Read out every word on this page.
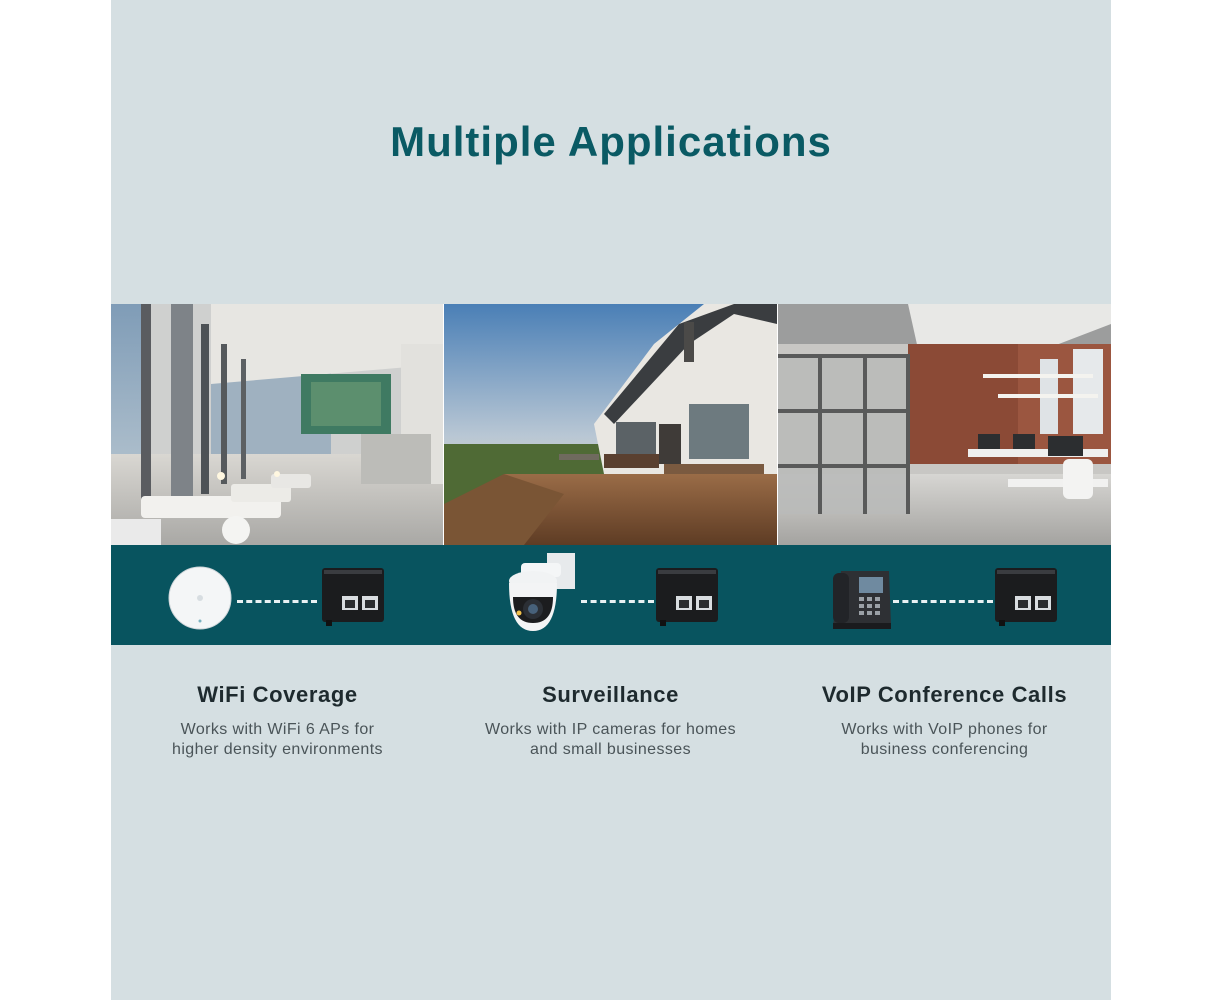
Multiple Applications
WiFi Coverage

Works with WiFi 6 APs for
higher density environments

Surveillance

Works with IP cameras for homes
and small businesses

VoIP Conference Calls

Works with VoIP phones for
business conferencing
